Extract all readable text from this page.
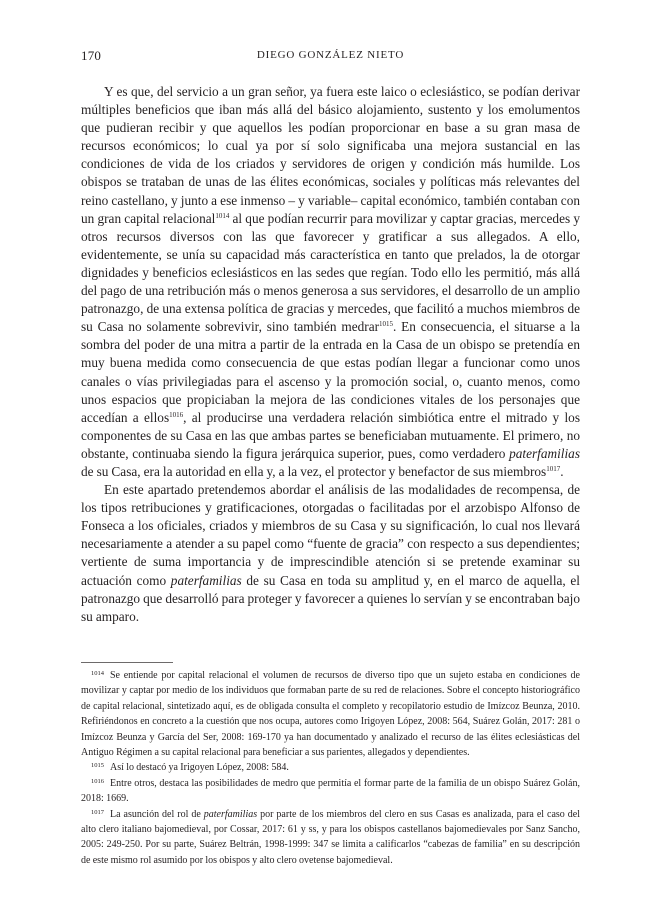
170	DIEGO GONZÁLEZ NIETO

Y es que, del servicio a un gran señor, ya fuera este laico o eclesiástico, se podían derivar múltiples beneficios que iban más allá del básico alojamiento, sustento y los emolumentos que pudieran recibir y que aquellos les podían proporcionar en base a su gran masa de recursos económicos; lo cual ya por sí solo significaba una mejora sustancial en las condiciones de vida de los criados y servidores de origen y condición más humilde. Los obispos se trataban de unas de las élites económicas, sociales y políticas más relevantes del reino castellano, y junto a ese inmenso – y variable– capital económico, también contaban con un gran capital relacional$^{1014}$ al que podían recurrir para movilizar y captar gracias, mercedes y otros recursos diversos con las que favorecer y gratificar a sus allegados. A ello, evidentemente, se unía su capacidad más característica en tanto que prelados, la de otorgar dignidades y beneficios eclesiásticos en las sedes que regían. Todo ello les permitió, más allá del pago de una retribución más o menos generosa a sus servidores, el desarrollo de un amplio patronazgo, de una extensa política de gracias y mercedes, que facilitó a muchos miembros de su Casa no solamente sobrevivir, sino también medrar$^{1015}$. En consecuencia, el situarse a la sombra del poder de una mitra a partir de la entrada en la Casa de un obispo se pretendía en muy buena medida como consecuencia de que estas podían llegar a funcionar como unos canales o vías privilegiadas para el ascenso y la promoción social, o, cuanto menos, como unos espacios que propiciaban la mejora de las condiciones vitales de los personajes que accedían a ellos$^{1016}$, al producirse una verdadera relación simbiótica entre el mitrado y los componentes de su Casa en las que ambas partes se beneficiaban mutuamente. El primero, no obstante, continuaba siendo la figura jerárquica superior, pues, como verdadero paterfamilias de su Casa, era la autoridad en ella y, a la vez, el protector y benefactor de sus miembros$^{1017}$.

En este apartado pretendemos abordar el análisis de las modalidades de recompensa, de los tipos retribuciones y gratificaciones, otorgadas o facilitadas por el arzobispo Alfonso de Fonseca a los oficiales, criados y miembros de su Casa y su significación, lo cual nos llevará necesariamente a atender a su papel como “fuente de gracia” con respecto a sus dependientes; vertiente de suma importancia y de imprescindible atención si se pretende examinar su actuación como paterfamilias de su Casa en toda su amplitud y, en el marco de aquella, el patronazgo que desarrolló para proteger y favorecer a quienes lo servían y se encontraban bajo su amparo.

$^{1014}$ Se entiende por capital relacional el volumen de recursos de diverso tipo que un sujeto estaba en condiciones de movilizar y captar por medio de los individuos que formaban parte de su red de relaciones. Sobre el concepto historiográfico de capital relacional, sintetizado aquí, es de obligada consulta el completo y recopilatorio estudio de Imízcoz Beunza, 2010. Refiriéndonos en concreto a la cuestión que nos ocupa, autores como Irigoyen López, 2008: 564, Suárez Golán, 2017: 281 o Imízcoz Beunza y García del Ser, 2008: 169-170 ya han documentado y analizado el recurso de las élites eclesiásticas del Antiguo Régimen a su capital relacional para beneficiar a sus parientes, allegados y dependientes.

$^{1015}$ Así lo destacó ya Irigoyen López, 2008: 584.

$^{1016}$ Entre otros, destaca las posibilidades de medro que permitía el formar parte de la familia de un obispo Suárez Golán, 2018: 1669.

$^{1017}$ La asunción del rol de paterfamilias por parte de los miembros del clero en sus Casas es analizada, para el caso del alto clero italiano bajomedieval, por Cossar, 2017: 61 y ss, y para los obispos castellanos bajomedievales por Sanz Sancho, 2005: 249-250. Por su parte, Suárez Beltrán, 1998-1999: 347 se limita a calificarlos “cabezas de familia” en su descripción de este mismo rol asumido por los obispos y alto clero ovetense bajomedieval.
